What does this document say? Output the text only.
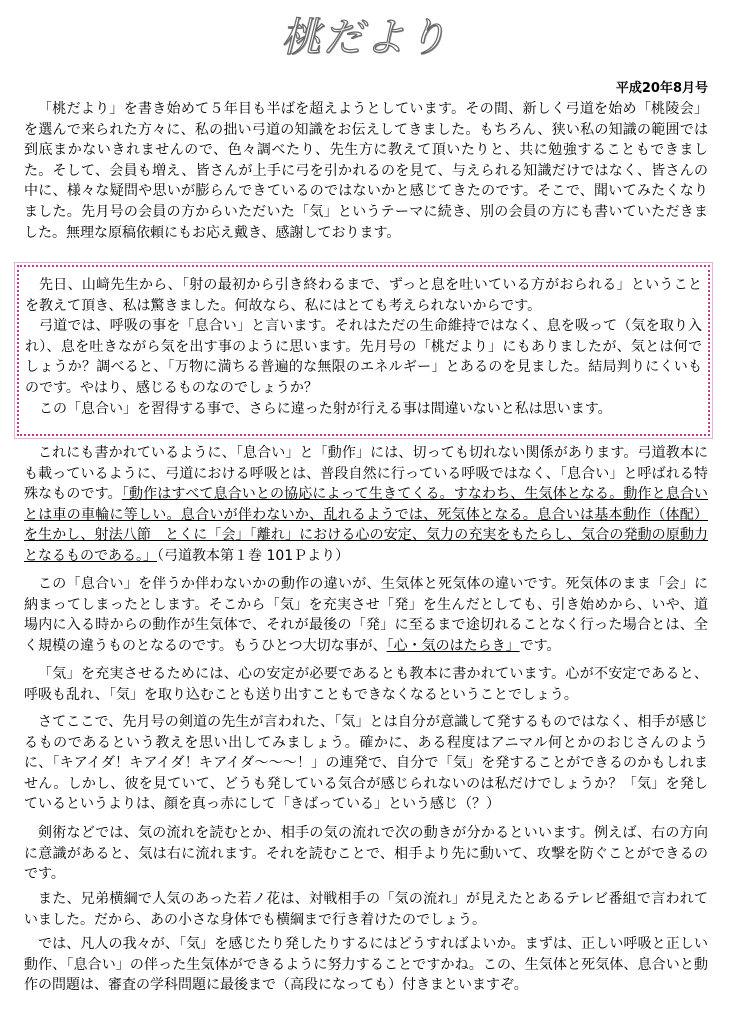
桃だより
平成20年8月号

「桃だより」を書き始めて５年目も半ばを超えようとしています。その間、新しく弓道を始め「桃陵会」を選んで来られた方々に、私の拙い弓道の知識をお伝えしてきました。もちろん、狭い私の知識の範囲では到底まかないきれませんので、色々調べたり、先生方に教えて頂いたりと、共に勉強することもできました。そして、会員も増え、皆さんが上手に弓を引かれるのを見て、与えられる知識だけではなく、皆さんの中に、様々な疑問や思いが膨らんできているのではないかと感じてきたのです。そこで、聞いてみたくなりました。先月号の会員の方からいただいた「気」というテーマに続き、別の会員の方にも書いていただきました。無理な原稿依頼にもお応え戴き、感謝しております。

先日、山﨑先生から、「射の最初から引き終わるまで、ずっと息を吐いている方がおられる」ということを教えて頂き、私は驚きました。何故なら、私にはとても考えられないからです。

弓道では、呼吸の事を「息合い」と言います。それはただの生命維持ではなく、息を吸って（気を取り入れ）、息を吐きながら気を出す事のように思います。先月号の「桃だより」にもありましたが、気とは何でしょうか？調べると、「万物に満ちる普遍的な無限のエネルギー」とあるのを見ました。結局判りにくいものです。やはり、感じるものなのでしょうか？

この「息合い」を習得する事で、さらに違った射が行える事は間違いないと私は思います。

これにも書かれているように、「息合い」と「動作」には、切っても切れない関係があります。弓道教本にも載っているように、弓道における呼吸とは、普段自然に行っている呼吸ではなく、「息合い」と呼ばれる特殊なものです。「動作はすべて息合いとの協応によって生きてくる。すなわち、生気体となる。動作と息合いとは車の車輪に等しい。息合いが伴わないか、乱れるようでは、死気体となる。息合いは基本動作（体配）を生かし、射法八節　とくに「会」「離れ」における心の安定、気力の充実をもたらし、気合の発動の原動力となるものである。」（弓道教本第１巻 101Ｐより）

この「息合い」を伴うか伴わないかの動作の違いが、生気体と死気体の違いです。死気体のまま「会」に納まってしまったとします。そこから「気」を充実させ「発」を生んだとしても、引き始めから、いや、道場内に入る時からの動作が生気体で、それが最後の「発」に至るまで途切れることなく行った場合とは、全く規模の違うものとなるのです。もうひとつ大切な事が、「心・気のはたらき」です。

「気」を充実させるためには、心の安定が必要であるとも教本に書かれています。心が不安定であると、呼吸も乱れ、「気」を取り込むことも送り出すこともできなくなるということでしょう。

さてここで、先月号の剣道の先生が言われた、「気」とは自分が意識して発するものではなく、相手が感じるものであるという教えを思い出してみましょう。確かに、ある程度はアニマル何とかのおじさんのように、「キアイダ！キアイダ！キアイダ～～～！」の連発で、自分で「気」を発することができるのかもしれません。しかし、彼を見ていて、どうも発している気合が感じられないのは私だけでしょうか？「気」を発しているというよりは、顔を真っ赤にして「きばっている」という感じ（？）

剣術などでは、気の流れを読むとか、相手の気の流れで次の動きが分かるといいます。例えば、右の方向に意識があると、気は右に流れます。それを読むことで、相手より先に動いて、攻撃を防ぐことができるのです。

また、兄弟横綱で人気のあった若ノ花は、対戦相手の「気の流れ」が見えたとあるテレビ番組で言われていました。だから、あの小さな身体でも横綱まで行き着けたのでしょう。

では、凡人の我々が、「気」を感じたり発したりするにはどうすればよいか。まずは、正しい呼吸と正しい動作、「息合い」の伴った生気体ができるように努力することですかね。この、生気体と死気体、息合いと動作の問題は、審査の学科問題に最後まで（高段になっても）付きまといますぞ。
